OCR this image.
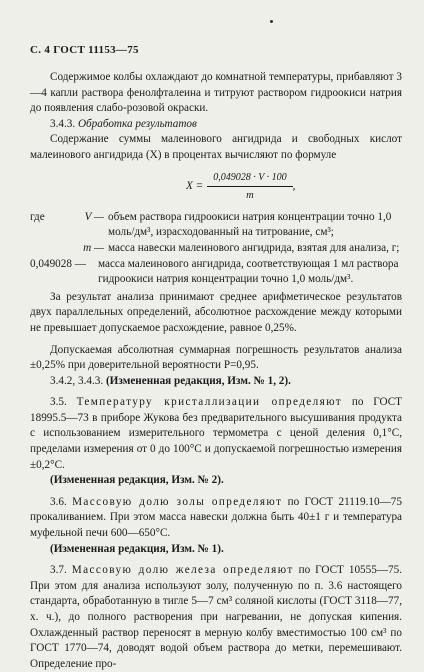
С. 4 ГОСТ 11153—75

Содержимое колбы охлаждают до комнатной температуры, прибавляют 3—4 капли раствора фенолфталеина и титруют раствором гидроокиси натрия до появления слабо-розовой окраски.

3.4.3. Обработка результатов

Содержание суммы малеинового ангидрида и свободных кислот малеинового ангидрида (X) в процентах вычисляют по формуле

$X = \frac{0,049028 \cdot V \cdot 100}{m}$ ,
где	V — объем раствора гидроокиси натрия концентрации точно 1,0 моль/дм³, израсходованный на титрование, см³;
m — масса навески малеинового ангидрида, взятая для анализа, г;
0,049028 —	масса малеинового ангидрида, соответствующая 1 мл раствора гидроокиси натрия концентрации точно 1,0 моль/дм³.

За результат анализа принимают среднее арифметическое результатов двух параллельных определений, абсолютное расхождение между которыми не превышает допускаемое расхождение, равное 0,25%.

Допускаемая абсолютная суммарная погрешность результатов анализа ±0,25% при доверительной вероятности P=0,95.

3.4.2, 3.4.3. (Измененная редакция, Изм. № 1, 2).

3.5. Температуру кристаллизации определяют по ГОСТ 18995.5—73 в приборе Жукова без предварительного высушивания продукта с использованием измерительного термометра с ценой деления 0,1°С, пределами измерения от 0 до 100°С и допускаемой погрешностью измерения ±0,2°С.

(Измененная редакция, Изм. № 2).

3.6. Массовую долю золы определяют по ГОСТ 21119.10—75 прокаливанием. При этом масса навески должна быть 40±1 г и температура муфельной печи 600—650°С.

(Измененная редакция, Изм. № 1).

3.7. Массовую долю железа определяют по ГОСТ 10555—75. При этом для анализа используют золу, полученную по п. 3.6 настоящего стандарта, обработанную в тигле 5—7 см³ соляной кислоты (ГОСТ 3118—77, х. ч.), до полного растворения при нагревании, не допуская кипения. Охлажденный раствор переносят в мерную колбу вместимостью 100 см³ по ГОСТ 1770—74, доводят водой объем раствора до метки, перемешивают. Определение про-
